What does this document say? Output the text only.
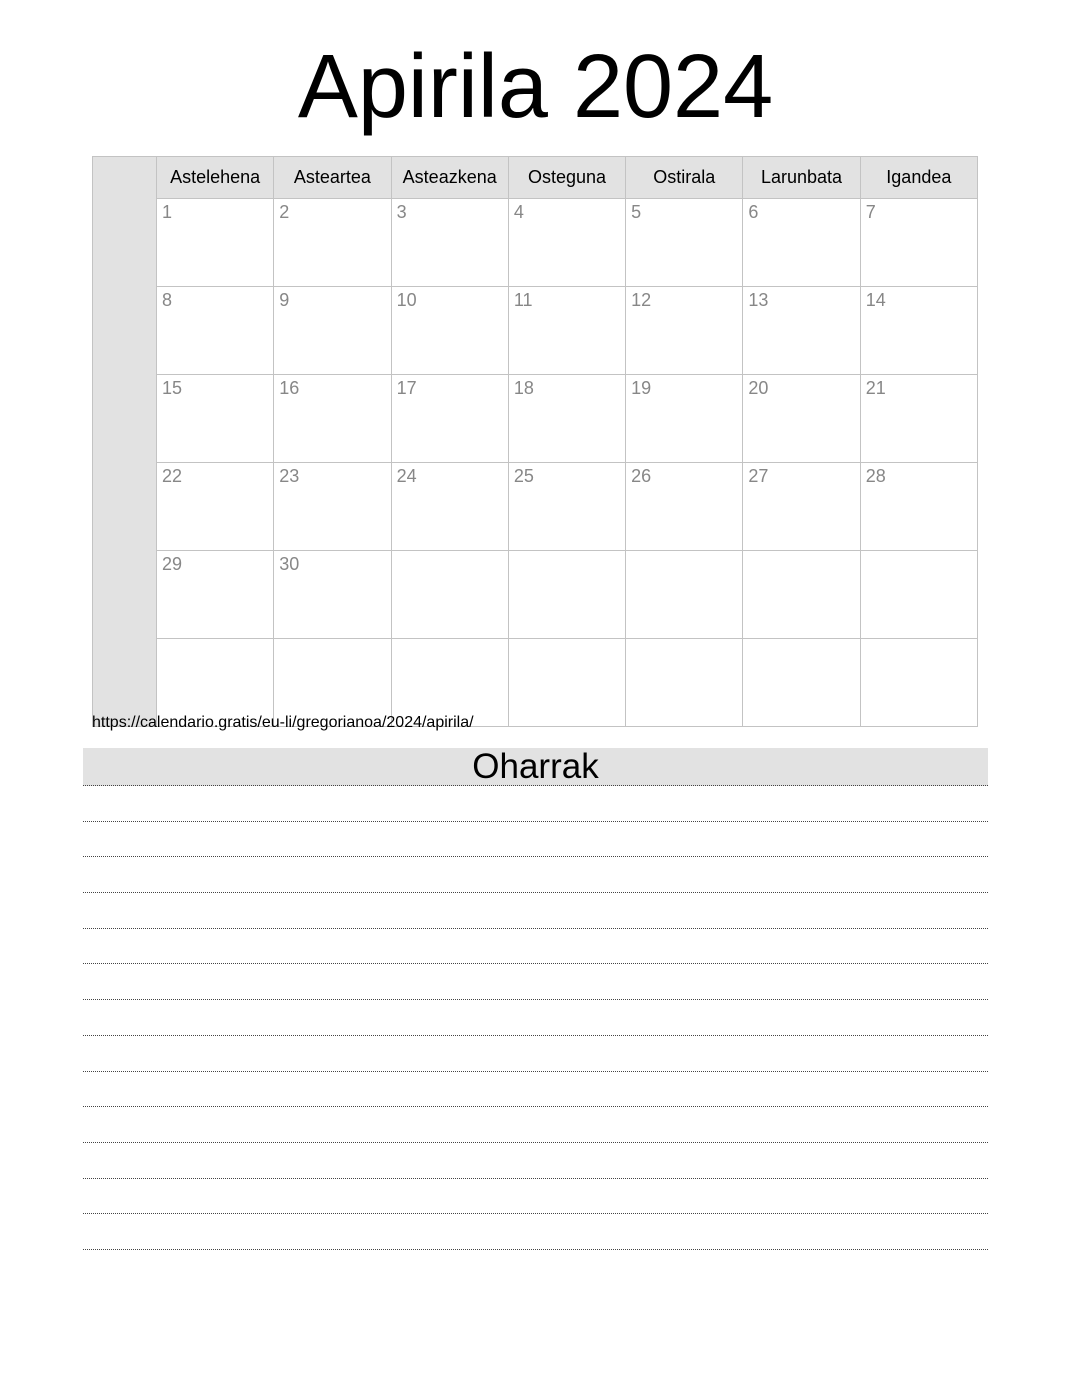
Apirila 2024
	Astelehena	Asteartea	Asteazkena	Osteguna	Ostirala	Larunbata	Igandea
	1	2	3	4	5	6	7
	8	9	10	11	12	13	14
	15	16	17	18	19	20	21
	22	23	24	25	26	27	28
	29	30					

https://calendario.gratis/eu-li/gregorianoa/2024/apirila/
Oharrak
